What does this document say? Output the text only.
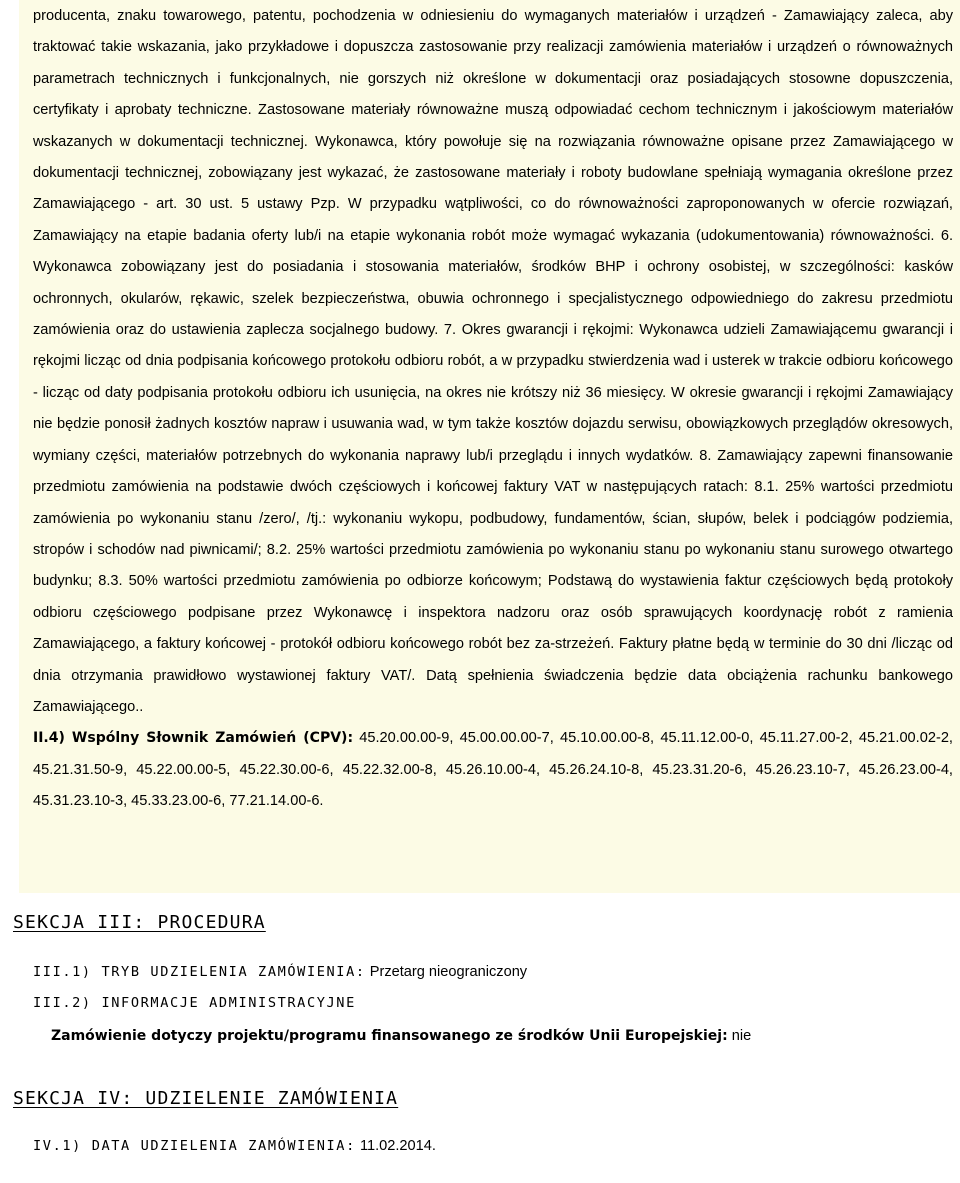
producenta, znaku towarowego, patentu, pochodzenia w odniesieniu do wymaganych materiałów i urządzeń - Zamawiający zaleca, aby traktować takie wskazania, jako przykładowe i dopuszcza zastosowanie przy realizacji zamówienia materiałów i urządzeń o równoważnych parametrach technicznych i funkcjonalnych, nie gorszych niż określone w dokumentacji oraz posiadających stosowne dopuszczenia, certyfikaty i aprobaty techniczne. Zastosowane materiały równoważne muszą odpowiadać cechom technicznym i jakościowym materiałów wskazanych w dokumentacji technicznej. Wykonawca, który powołuje się na rozwiązania równoważne opisane przez Zamawiającego w dokumentacji technicznej, zobowiązany jest wykazać, że zastosowane materiały i roboty budowlane spełniają wymagania określone przez Zamawiającego - art. 30 ust. 5 ustawy Pzp. W przypadku wątpliwości, co do równoważności zaproponowanych w ofercie rozwiązań, Zamawiający na etapie badania oferty lub/i na etapie wykonania robót może wymagać wykazania (udokumentowania) równoważności. 6. Wykonawca zobowiązany jest do posiadania i stosowania materiałów, środków BHP i ochrony osobistej, w szczególności: kasków ochronnych, okularów, rękawic, szelek bezpieczeństwa, obuwia ochronnego i specjalistycznego odpowiedniego do zakresu przedmiotu zamówienia oraz do ustawienia zaplecza socjalnego budowy. 7. Okres gwarancji i rękojmi: Wykonawca udzieli Zamawiającemu gwarancji i rękojmi licząc od dnia podpisania końcowego protokołu odbioru robót, a w przypadku stwierdzenia wad i usterek w trakcie odbioru końcowego - licząc od daty podpisania protokołu odbioru ich usunięcia, na okres nie krótszy niż 36 miesięcy. W okresie gwarancji i rękojmi Zamawiający nie będzie ponosił żadnych kosztów napraw i usuwania wad, w tym także kosztów dojazdu serwisu, obowiązkowych przeglądów okresowych, wymiany części, materiałów potrzebnych do wykonania naprawy lub/i przeglądu i innych wydatków. 8. Zamawiający zapewni finansowanie przedmiotu zamówienia na podstawie dwóch częściowych i końcowej faktury VAT w następujących ratach: 8.1. 25% wartości przedmiotu zamówienia po wykonaniu stanu /zero/, /tj.: wykonaniu wykopu, podbudowy, fundamentów, ścian, słupów, belek i podciągów podziemia, stropów i schodów nad piwnicami/; 8.2. 25% wartości przedmiotu zamówienia po wykonaniu stanu po wykonaniu stanu surowego otwartego budynku; 8.3. 50% wartości przedmiotu zamówienia po odbiorze końcowym; Podstawą do wystawienia faktur częściowych będą protokoły odbioru częściowego podpisane przez Wykonawcę i inspektora nadzoru oraz osób sprawujących koordynację robót z ramienia Zamawiającego, a faktury końcowej - protokół odbioru końcowego robót bez za-strzeżeń. Faktury płatne będą w terminie do 30 dni /licząc od dnia otrzymania prawidłowo wystawionej faktury VAT/. Datą spełnienia świadczenia będzie data obciążenia rachunku bankowego Zamawiającego..

II.4) Wspólny Słownik Zamówień (CPV): 45.20.00.00-9, 45.00.00.00-7, 45.10.00.00-8, 45.11.12.00-0, 45.11.27.00-2, 45.21.00.02-2, 45.21.31.50-9, 45.22.00.00-5, 45.22.30.00-6, 45.22.32.00-8, 45.26.10.00-4, 45.26.24.10-8, 45.23.31.20-6, 45.26.23.10-7, 45.26.23.00-4, 45.31.23.10-3, 45.33.23.00-6, 77.21.14.00-6.

SEKCJA III: PROCEDURA
III.1) TRYB UDZIELENIA ZAMÓWIENIA: Przetarg nieograniczony
III.2) INFORMACJE ADMINISTRACYJNE
Zamówienie dotyczy projektu/programu finansowanego ze środków Unii Europejskiej: nie
SEKCJA IV: UDZIELENIE ZAMÓWIENIA
IV.1) DATA UDZIELENIA ZAMÓWIENIA: 11.02.2014.
